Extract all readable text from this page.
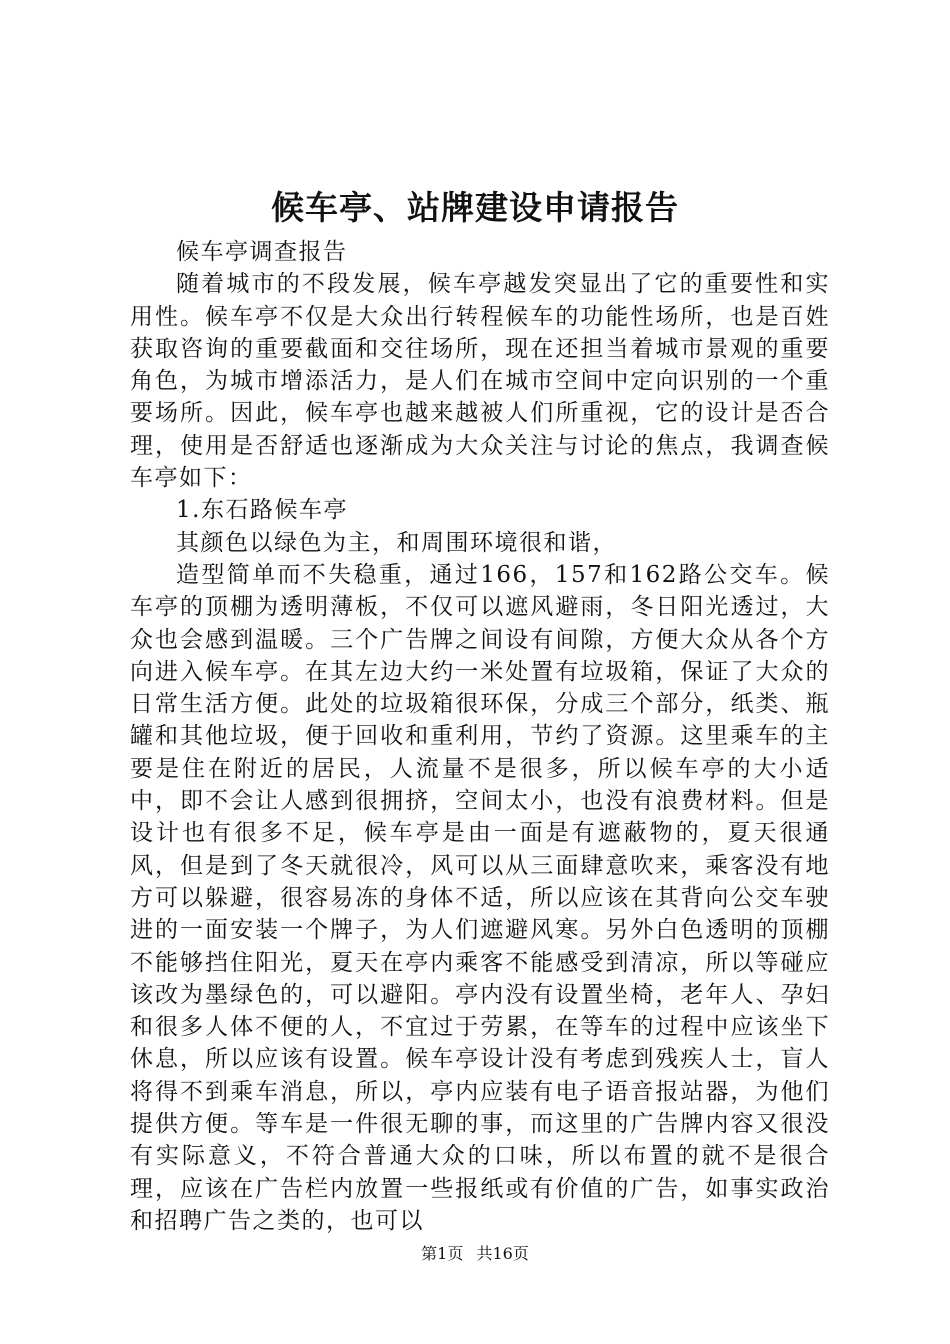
候车亭、站牌建设申请报告

候车亭调查报告

随着城市的不段发展，候车亭越发突显出了它的重要性和实用性。候车亭不仅是大众出行转程候车的功能性场所，也是百姓获取咨询的重要截面和交往场所，现在还担当着城市景观的重要角色，为城市增添活力，是人们在城市空间中定向识别的一个重要场所。因此，候车亭也越来越被人们所重视，它的设计是否合理，使用是否舒适也逐渐成为大众关注与讨论的焦点，我调查候车亭如下：

1.东石路候车亭

其颜色以绿色为主，和周围环境很和谐，

造型简单而不失稳重，通过166，157和162路公交车。候车亭的顶棚为透明薄板，不仅可以遮风避雨，冬日阳光透过，大众也会感到温暖。三个广告牌之间设有间隙，方便大众从各个方向进入候车亭。在其左边大约一米处置有垃圾箱，保证了大众的日常生活方便。此处的垃圾箱很环保，分成三个部分，纸类、瓶罐和其他垃圾，便于回收和重利用，节约了资源。这里乘车的主要是住在附近的居民，人流量不是很多，所以候车亭的大小适中，即不会让人感到很拥挤，空间太小，也没有浪费材料。但是设计也有很多不足，候车亭是由一面是有遮蔽物的，夏天很通风，但是到了冬天就很冷，风可以从三面肆意吹来，乘客没有地方可以躲避，很容易冻的身体不适，所以应该在其背向公交车驶进的一面安装一个牌子，为人们遮避风寒。另外白色透明的顶棚不能够挡住阳光，夏天在亭内乘客不能感受到清凉，所以等碰应该改为墨绿色的，可以避阳。亭内没有设置坐椅，老年人、孕妇和很多人体不便的人，不宜过于劳累，在等车的过程中应该坐下休息，所以应该有设置。候车亭设计没有考虑到残疾人士，盲人将得不到乘车消息，所以，亭内应装有电子语音报站器，为他们提供方便。等车是一件很无聊的事，而这里的广告牌内容又很没有实际意义，不符合普通大众的口味，所以布置的就不是很合理，应该在广告栏内放置一些报纸或有价值的广告，如事实政治和招聘广告之类的，也可以

第1页 共16页
